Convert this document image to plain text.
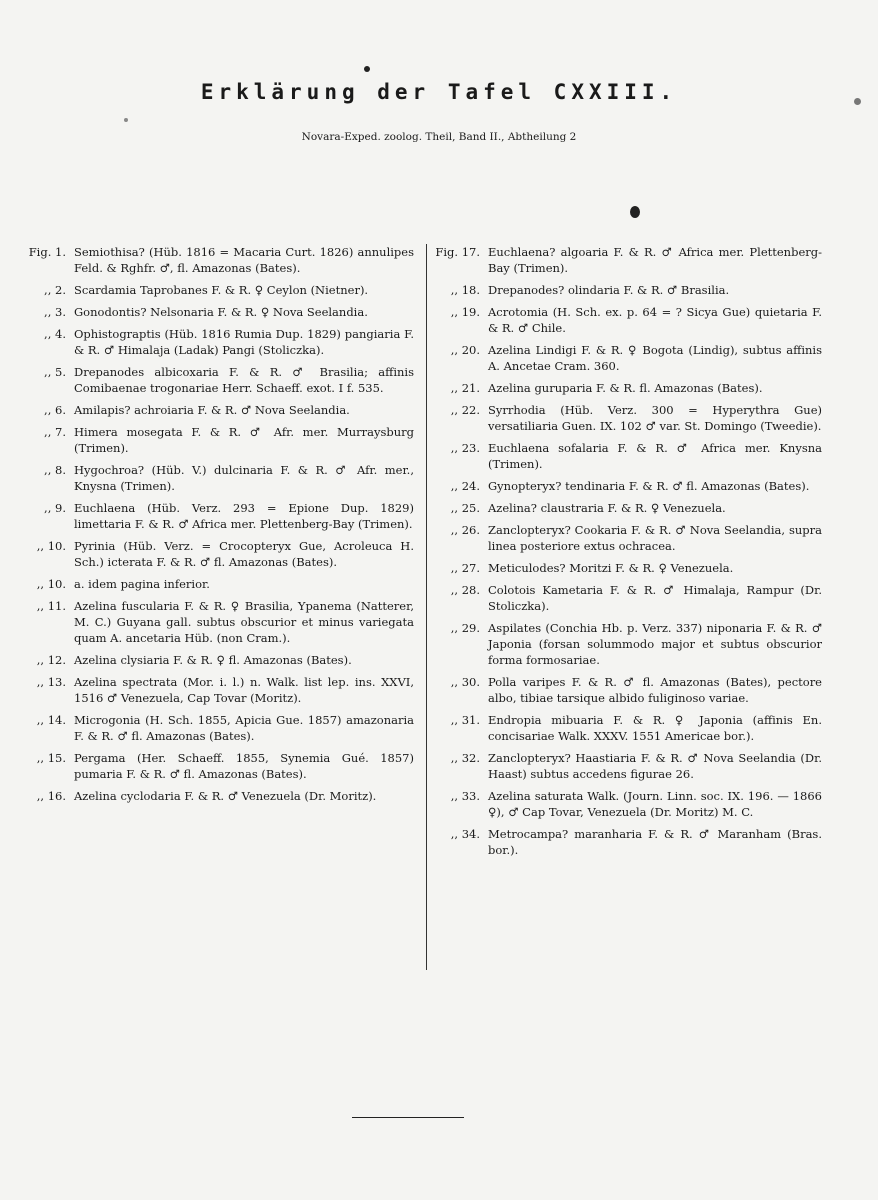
Erklärung der Tafel CXXIII.
Novara-Exped. zoolog. Theil, Band II., Abtheilung 2
Fig. 1. Semiothisa? (Hüb. 1816 = Macaria Curt. 1826) annulipes Feld. & Rghfr. ♂, fl. Amazonas (Bates).
,, 2. Scardamia Taprobanes F. & R. ♀ Ceylon (Nietner).
,, 3. Gonodontis? Nelsonaria F. & R. ♀ Nova Seelandia.
,, 4. Ophistograptis (Hüb. 1816 Rumia Dup. 1829) pangiaria F. & R. ♂ Himalaja (Ladak) Pangi (Stoliczka).
,, 5. Drepanodes albicoxaria F. & R. ♂ Brasilia; affinis Comibaenae trogonariae Herr. Schaeff. exot. I f. 535.
,, 6. Amilapis? achroiaria F. & R. ♂ Nova Seelandia.
,, 7. Himera mosegata F. & R. ♂ Afr. mer. Murraysburg (Trimen).
,, 8. Hygochroa? (Hüb. V.) dulcinaria F. & R. ♂ Afr. mer., Knysna (Trimen).
,, 9. Euchlaena (Hüb. Verz. 293 = Epione Dup. 1829) limettaria F. & R. ♂ Africa mer. Plettenberg-Bay (Trimen).
,, 10. Pyrinia (Hüb. Verz. = Crocopteryx Gue, Acroleuca H. Sch.) icterata F. & R. ♂ fl. Amazonas (Bates).
,, 10. a. idem pagina inferior.
,, 11. Azelina fuscularia F. & R. ♀ Brasilia, Ypanema (Natterer, M. C.) Guyana gall. subtus obscurior et minus variegata quam A. ancetaria Hüb. (non Cram.).
,, 12. Azelina clysiaria F. & R. ♀ fl. Amazonas (Bates).
,, 13. Azelina spectrata (Mor. i. l.) n. Walk. list lep. ins. XXVI, 1516 ♂ Venezuela, Cap Tovar (Moritz).
,, 14. Microgonia (H. Sch. 1855, Apicia Gue. 1857) amazonaria F. & R. ♂ fl. Amazonas (Bates).
,, 15. Pergama (Her. Schaeff. 1855, Synemia Gué. 1857) pumaria F. & R. ♂ fl. Amazonas (Bates).
,, 16. Azelina cyclodaria F. & R. ♂ Venezuela (Dr. Moritz).
Fig. 17. Euchlaena? algoaria F. & R. ♂ Africa mer. Plettenberg-Bay (Trimen).
,, 18. Drepanodes? olindaria F. & R. ♂ Brasilia.
,, 19. Acrotomia (H. Sch. ex. p. 64 = ? Sicya Gue) quietaria F. & R. ♂ Chile.
,, 20. Azelina Lindigi F. & R. ♀ Bogota (Lindig), subtus affinis A. Ancetae Cram. 360.
,, 21. Azelina guruparia F. & R. fl. Amazonas (Bates).
,, 22. Syrrhodia (Hüb. Verz. 300 = Hyperythra Gue) versatiliaria Guen. IX. 102 ♂ var. St. Domingo (Tweedie).
,, 23. Euchlaena sofalaria F. & R. ♂ Africa mer. Knysna (Trimen).
,, 24. Gynopteryx? tendinaria F. & R. ♂ fl. Amazonas (Bates).
,, 25. Azelina? claustraria F. & R. ♀ Venezuela.
,, 26. Zanclopteryx? Cookaria F. & R. ♂ Nova Seelandia, supra linea posteriore extus ochracea.
,, 27. Meticulodes? Moritzi F. & R. ♀ Venezuela.
,, 28. Colotois Kametaria F. & R. ♂ Himalaja, Rampur (Dr. Stoliczka).
,, 29. Aspilates (Conchia Hb. p. Verz. 337) niponaria F. & R. ♂ Japonia (forsan solummodo major et subtus obscurior forma formosariae.
,, 30. Polla varipes F. & R. ♂ fl. Amazonas (Bates), pectore albo, tibiae tarsique albido fuliginoso variae.
,, 31. Endropia mibuaria F. & R. ♀ Japonia (affinis En. concisariae Walk. XXXV. 1551 Americae bor.).
,, 32. Zanclopteryx? Haastiaria F. & R. ♂ Nova Seelandia (Dr. Haast) subtus accedens figurae 26.
,, 33. Azelina saturata Walk. (Journ. Linn. soc. IX. 196. — 1866 ♀), ♂ Cap Tovar, Venezuela (Dr. Moritz) M. C.
,, 34. Metrocampa? maranharia F. & R. ♂ Maranham (Bras. bor.).
